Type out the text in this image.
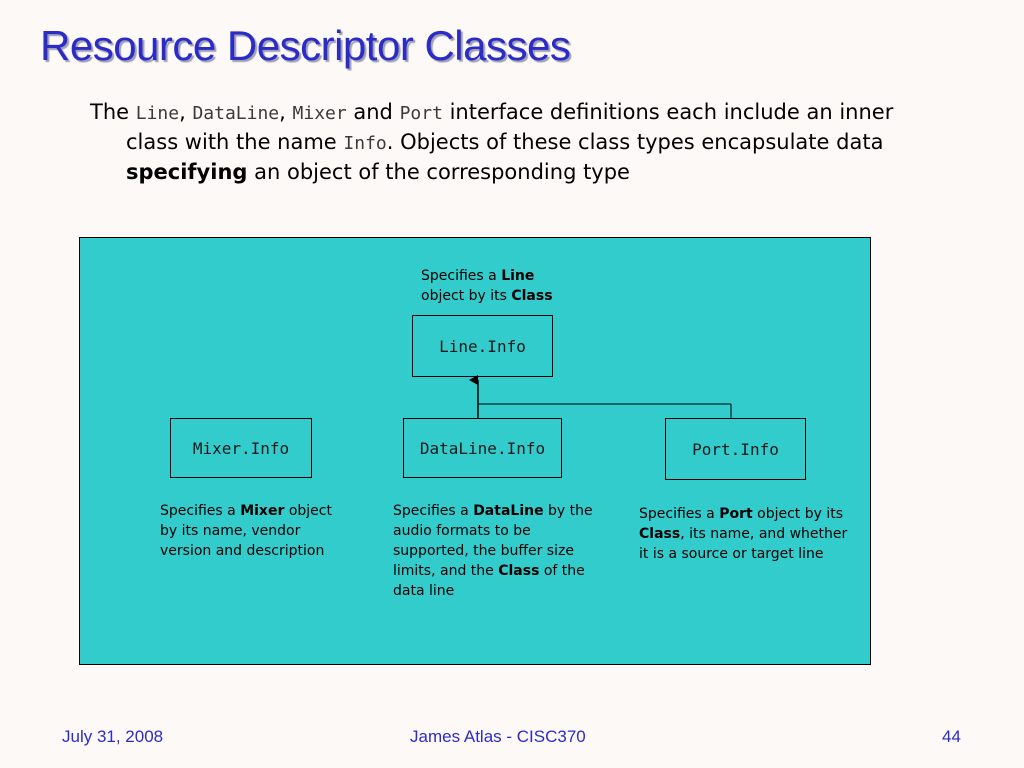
Resource Descriptor Classes

The Line, DataLine, Mixer and Port interface definitions each include an inner class with the name Info. Objects of these class types encapsulate data specifying an object of the corresponding type

Line.Info
Mixer.Info	DataLine.Info	Port.Info

Specifies a Line
object by its Class

Specifies a Mixer object by its name, vendor version and description

Specifies a DataLine by the audio formats to be supported, the buffer size limits, and the Class of the data line

Specifies a Port object by its Class, its name, and whether it is a source or target line

July 31, 2008	James Atlas - CISC370	44
